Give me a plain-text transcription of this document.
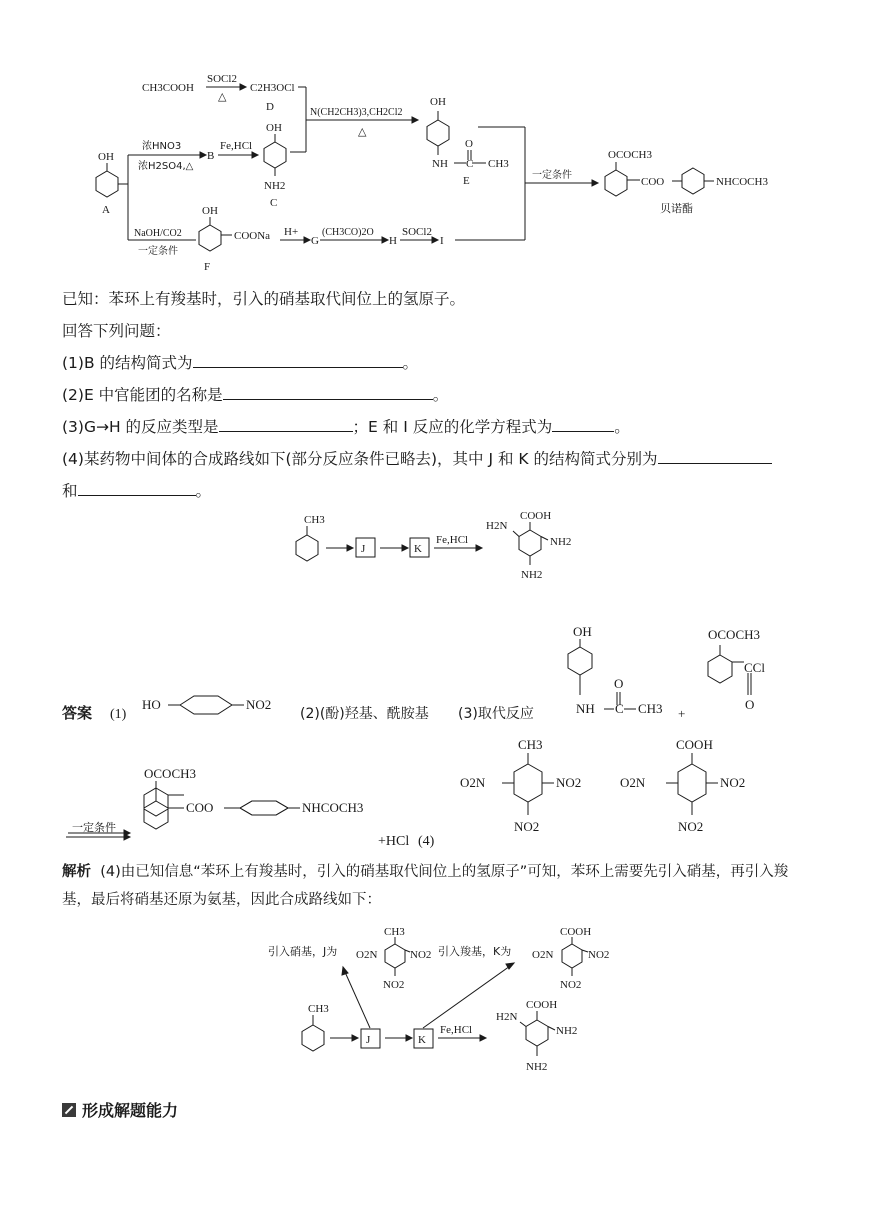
CH3COOH
SOCl2
△
C2H3OCl
D
浓HNO3
浓H2SO4,△
B
Fe,HCl
OH
NH2
C
OH
A
N(CH2CH3)3,CH2Cl2
△
OH
NH
O
C CH3
E	一定条件
OCOCH3
COO	NHCOCH3
贝诺酯
NaOH/CO2
一定条件
OH
COONa
F
H+
G
(CH3CO)2O
H
SOCl2
I
已知：苯环上有羧基时，引入的硝基取代间位上的氢原子。
回答下列问题：
(1)B 的结构简式为	。
(2)E 中官能团的名称是	。
(3)G→H 的反应类型是	；E 和 I 反应的化学方程式为	。
(4)某药物中间体的合成路线如下(部分反应条件已略去)，其中 J 和 K 的结构简式分别为
和	。
CH3
J	K
Fe,HCl
COOH
H2N
NH2
NH2
答案 (1)
HO	NO2
(2)(酚)羟基、酰胺基 (3)取代反应
OH
NH
O
C CH3 +
OCOCH3
CCl
O
OCOCH3
COO	NHCOCH3
一定条件
+HCl (4)
CH3
O2N	NO2
NO2
COOH
O2N	NO2
NO2
解析 (4)由已知信息“苯环上有羧基时，引入的硝基取代间位上的氢原子”可知，苯环上需要先引入硝基，再引入羧基，最后将硝基还原为氨基，因此合成路线如下：
引入硝基，J为
CH3
O2N	NO2
NO2
引入羧基，K为
COOH
O2N	NO2
NO2
CH3
J	K
Fe,HCl
COOH
H2N
NH2
NH2
形成解题能力
